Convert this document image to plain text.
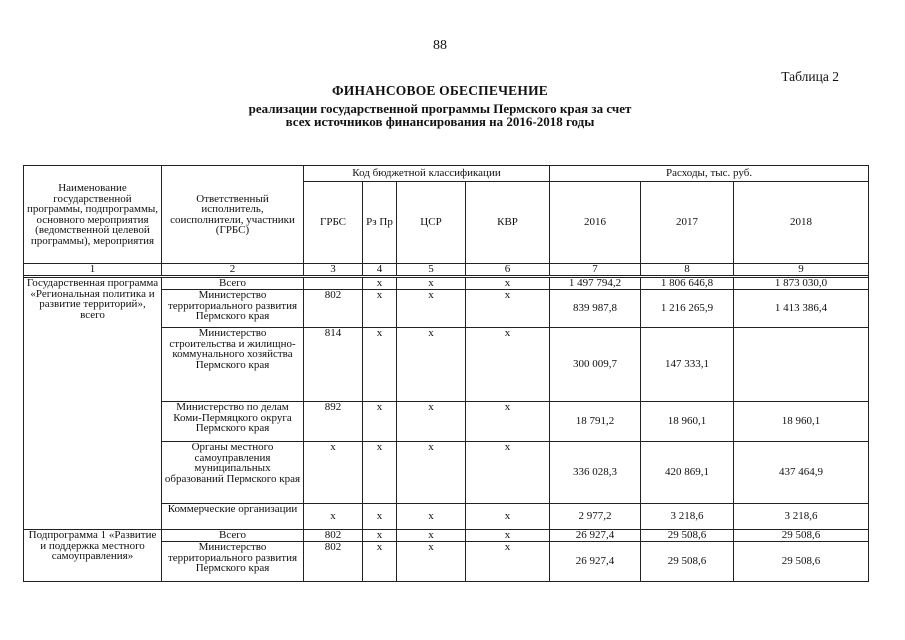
88
Таблица 2
ФИНАНСОВОЕ ОБЕСПЕЧЕНИЕ
реализации государственной программы Пермского края за счет
всех источников финансирования на 2016-2018 годы
Наименование государственной программы, подпрограммы, основного мероприятия (ведомственной целевой программы), мероприятия	Ответственный исполнитель, соисполнители, участники (ГРБС)	Код бюджетной классификации				Расходы, тыс. руб.		
		ГРБС	Рз Пр	ЦСР	КВР	2016	2017	2018
1	2	3	4	5	6	7	8	9

Государственная программа «Региональная политика и развитие территорий», всего	Всего		x	x	x	1 497 794,2	1 806 646,8	1 873 030,0
	Министерство территориального развития Пермского края	802	x	x	x	839 987,8	1 216 265,9	1 413 386,4
	Министерство строительства и жилищно-коммунального хозяйства Пермского края	814	x	x	x	300 009,7	147 333,1	
	Министерство по делам Коми-Пермяцкого округа Пермского края	892	x	x	x	18 791,2	18 960,1	18 960,1
	Органы местного самоуправления муниципальных образований Пермского края	x	x	x	x	336 028,3	420 869,1	437 464,9
	Коммерческие организации	x	x	x	x	2 977,2	3 218,6	3 218,6
Подпрограмма 1 «Развитие и поддержка местного самоуправления»	Всего	802	x	x	x	26 927,4	29 508,6	29 508,6
	Министерство территориального развития Пермского края	802	x	x	x	26 927,4	29 508,6	29 508,6
